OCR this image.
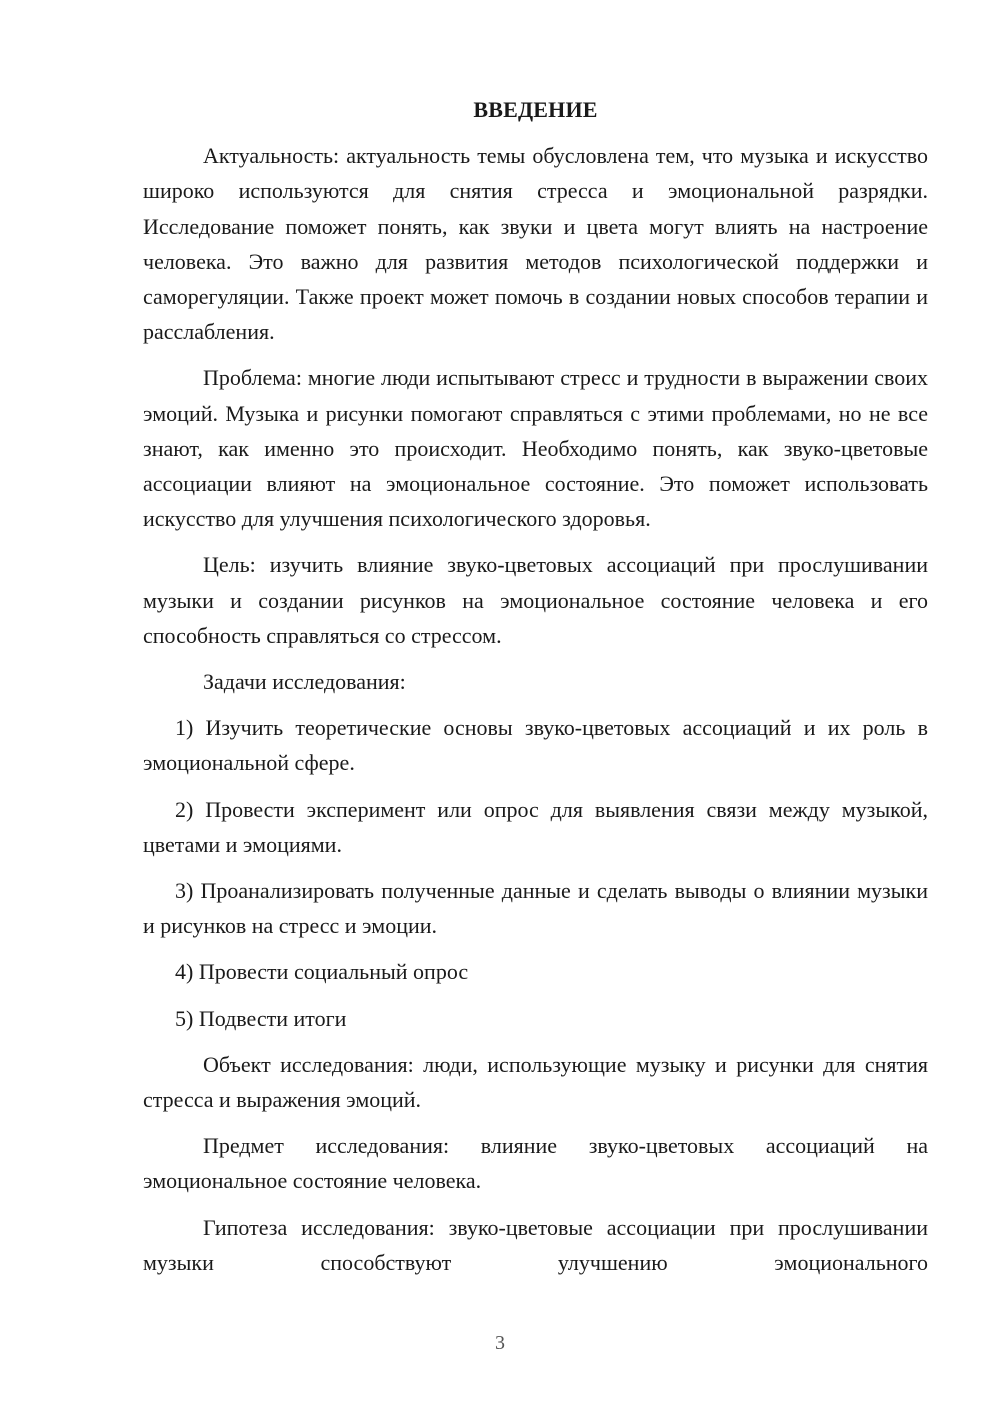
ВВЕДЕНИЕ

Актуальность: актуальность темы обусловлена тем, что музыка и искусство широко используются для снятия стресса и эмоциональной разрядки. Исследование поможет понять, как звуки и цвета могут влиять на настроение человека. Это важно для развития методов психологической поддержки и саморегуляции. Также проект может помочь в создании новых способов терапии и расслабления.

Проблема: многие люди испытывают стресс и трудности в выражении своих эмоций. Музыка и рисунки помогают справляться с этими проблемами, но не все знают, как именно это происходит. Необходимо понять, как звуко-цветовые ассоциации влияют на эмоциональное состояние. Это поможет использовать искусство для улучшения психологического здоровья.

Цель: изучить влияние звуко-цветовых ассоциаций при прослушивании музыки и создании рисунков на эмоциональное состояние человека и его способность справляться со стрессом.

Задачи исследования:

1) Изучить теоретические основы звуко-цветовых ассоциаций и их роль в эмоциональной сфере.

2) Провести эксперимент или опрос для выявления связи между музыкой, цветами и эмоциями.

3) Проанализировать полученные данные и сделать выводы о влиянии музыки и рисунков на стресс и эмоции.

4) Провести социальный опрос

5) Подвести итоги

Объект исследования: люди, использующие музыку и рисунки для снятия стресса и выражения эмоций.

Предмет исследования: влияние звуко-цветовых ассоциаций на эмоциональное состояние человека.

Гипотеза исследования: звуко-цветовые ассоциации при прослушивании музыки способствуют улучшению эмоционального

3
